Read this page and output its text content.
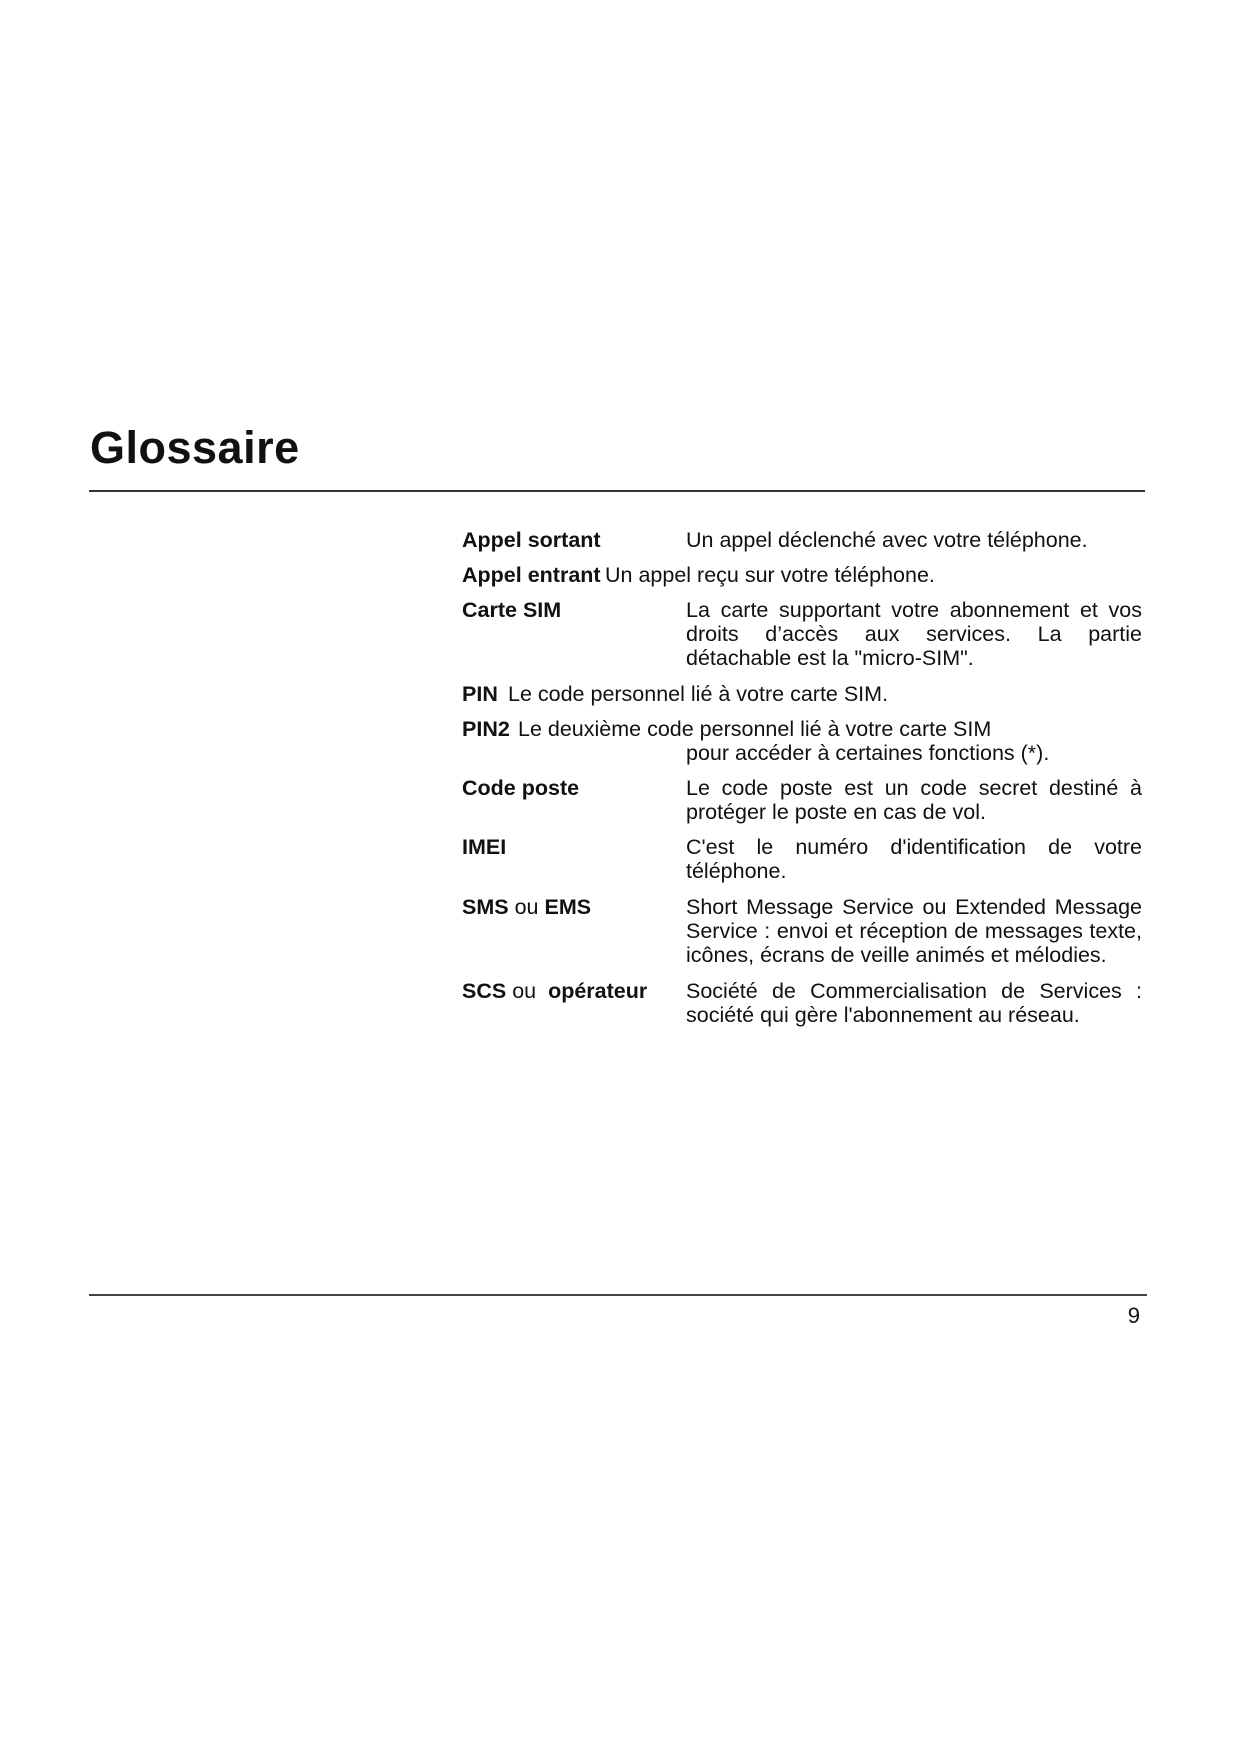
Glossaire
Appel sortant	Un appel déclenché avec votre téléphone.
Appel entrant Un appel reçu sur votre téléphone.
Carte SIM	La carte supportant votre abonnement et vos droits d’accès aux services. La partie détachable est la "micro-SIM".
PIN Le code personnel lié à votre carte SIM.
PIN2 Le deuxième code personnel lié à votre carte SIM
pour accéder à certaines fonctions (*).
Code poste	Le code poste est un code secret destiné à protéger le poste en cas de vol.
IMEI	C'est le numéro d'identification de votre téléphone.
SMS ou EMS	Short Message Service ou Extended Message Service : envoi et réception de messages texte, icônes, écrans de veille animés et mélodies.
SCS ou opérateur Société de Commercialisation de Services : société qui gère l'abonnement au réseau.
9
